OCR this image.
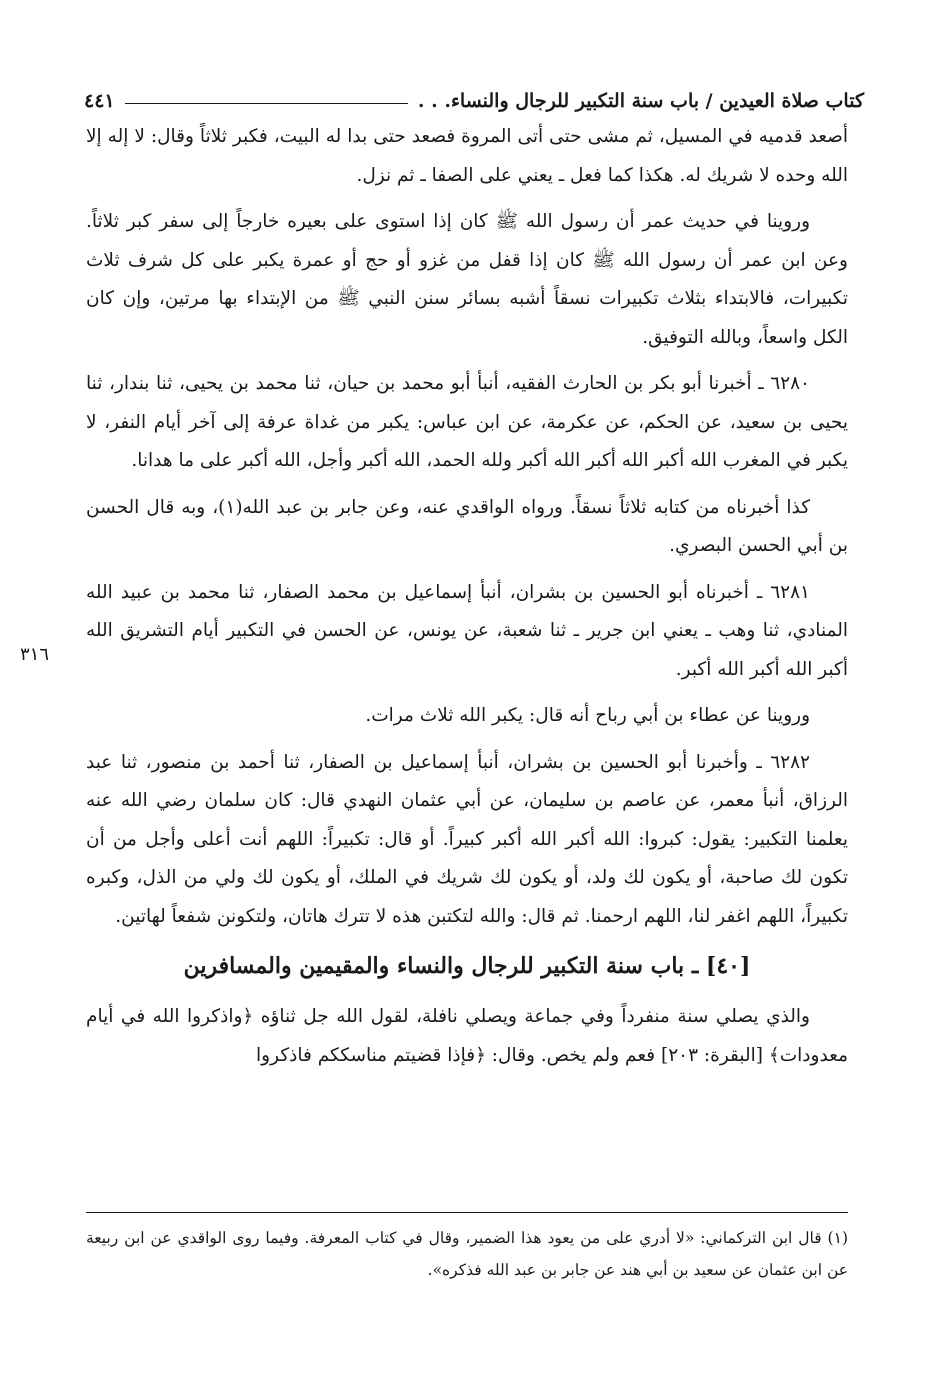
كتاب صلاة العيدين / باب سنة التكبير للرجال والنساء. . .
٤٤١
٣١٦

أصعد قدميه في المسيل، ثم مشى حتى أتى المروة فصعد حتى بدا له البيت، فكبر ثلاثاً وقال: لا إله إلا الله وحده لا شريك له. هكذا كما فعل ـ يعني على الصفا ـ ثم نزل.

وروينا في حديث عمر أن رسول الله ﷺ كان إذا استوى على بعيره خارجاً إلى سفر كبر ثلاثاً. وعن ابن عمر أن رسول الله ﷺ كان إذا قفل من غزو أو حج أو عمرة يكبر على كل شرف ثلاث تكبيرات، فالابتداء بثلاث تكبيرات نسقاً أشبه بسائر سنن النبي ﷺ من الإبتداء بها مرتين، وإن كان الكل واسعاً، وبالله التوفيق.

٦٢٨٠ ـ أخبرنا أبو بكر بن الحارث الفقيه، أنبأ أبو محمد بن حيان، ثنا محمد بن يحيى، ثنا بندار، ثنا يحيى بن سعيد، عن الحكم، عن عكرمة، عن ابن عباس: يكبر من غداة عرفة إلى آخر أيام النفر، لا يكبر في المغرب الله أكبر الله أكبر الله أكبر ولله الحمد، الله أكبر وأجل، الله أكبر على ما هدانا.

كذا أخبرناه من كتابه ثلاثاً نسقاً. ورواه الواقدي عنه، وعن جابر بن عبد الله(١)، وبه قال الحسن بن أبي الحسن البصري.

٦٢٨١ ـ أخبرناه أبو الحسين بن بشران، أنبأ إسماعيل بن محمد الصفار، ثنا محمد بن عبيد الله المنادي، ثنا وهب ـ يعني ابن جرير ـ ثنا شعبة، عن يونس، عن الحسن في التكبير أيام التشريق الله أكبر الله أكبر الله أكبر.

وروينا عن عطاء بن أبي رباح أنه قال: يكبر الله ثلاث مرات.

٦٢٨٢ ـ وأخبرنا أبو الحسين بن بشران، أنبأ إسماعيل بن الصفار، ثنا أحمد بن منصور، ثنا عبد الرزاق، أنبأ معمر، عن عاصم بن سليمان، عن أبي عثمان النهدي قال: كان سلمان رضي الله عنه يعلمنا التكبير: يقول: كبروا: الله أكبر الله أكبر كبيراً. أو قال: تكبيراً: اللهم أنت أعلى وأجل من أن تكون لك صاحبة، أو يكون لك ولد، أو يكون لك شريك في الملك، أو يكون لك ولي من الذل، وكبره تكبيراً، اللهم اغفر لنا، اللهم ارحمنا. ثم قال: والله لتكتبن هذه لا تترك هاتان، ولتكونن شفعاً لهاتين.

[٤٠] ـ باب سنة التكبير للرجال والنساء والمقيمين والمسافرين

والذي يصلي سنة منفرداً وفي جماعة ويصلي نافلة، لقول الله جل ثناؤه ﴿واذكروا الله في أيام معدودات﴾ [البقرة: ٢٠٣] فعم ولم يخص. وقال: ﴿فإذا قضيتم مناسككم فاذكروا

(١) قال ابن التركماني: «لا أدري على من يعود هذا الضمير، وقال في كتاب المعرفة. وفيما روى الواقدي عن ابن ربيعة عن ابن عثمان عن سعيد بن أبي هند عن جابر بن عبد الله فذكره».
